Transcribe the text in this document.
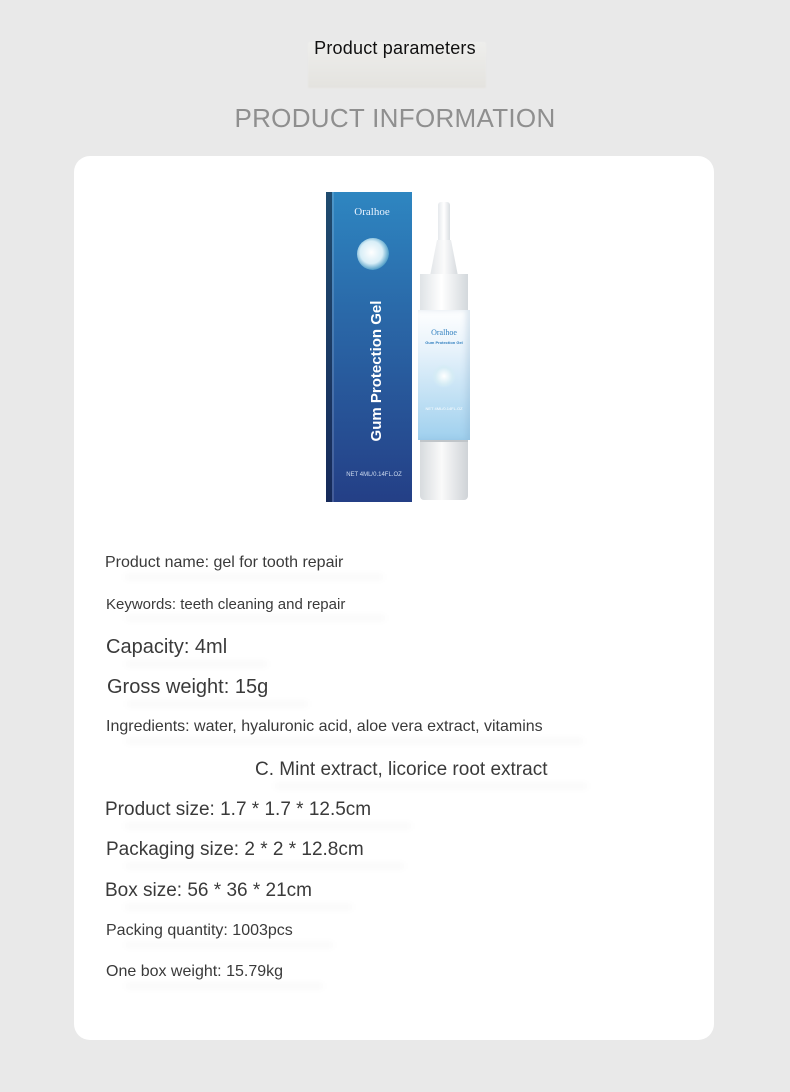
Product parameters
PRODUCT INFORMATION
Oralhoe
Gum Protection Gel
NET 4ML/0.14FL.OZ
Oralhoe
Gum Protection Gel
NET 4ML/0.14FL.OZ
Product name: gel for tooth repair
Keywords: teeth cleaning and repair
Capacity: 4ml
Gross weight: 15g
Ingredients: water, hyaluronic acid, aloe vera extract, vitamins
C. Mint extract, licorice root extract
Product size: 1.7 * 1.7 * 12.5cm
Packaging size: 2 * 2 * 12.8cm
Box size: 56 * 36 * 21cm
Packing quantity: 1003pcs
One box weight: 15.79kg
